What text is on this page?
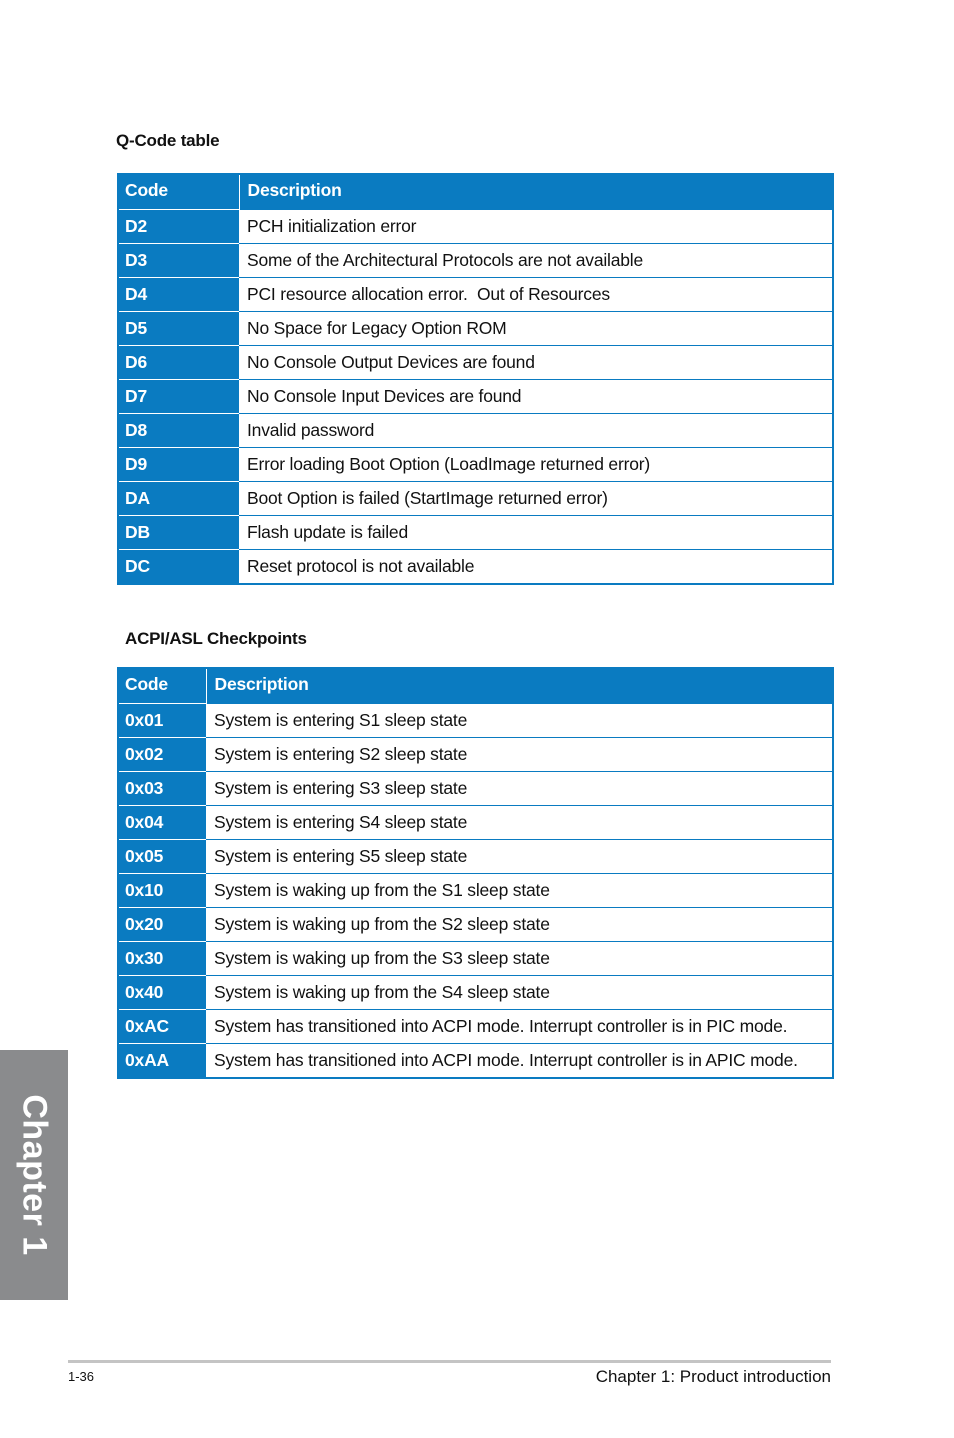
Q-Code table
Code	Description
D2	PCH initialization error
D3	Some of the Architectural Protocols are not available
D4	PCI resource allocation error.  Out of Resources
D5	No Space for Legacy Option ROM
D6	No Console Output Devices are found
D7	No Console Input Devices are found
D8	Invalid password
D9	Error loading Boot Option (LoadImage returned error)
DA	Boot Option is failed (StartImage returned error)
DB	Flash update is failed
DC	Reset protocol is not available
ACPI/ASL Checkpoints
Code	Description
0x01	System is entering S1 sleep state
0x02	System is entering S2 sleep state
0x03	System is entering S3 sleep state
0x04	System is entering S4 sleep state
0x05	System is entering S5 sleep state
0x10	System is waking up from the S1 sleep state
0x20	System is waking up from the S2 sleep state
0x30	System is waking up from the S3 sleep state
0x40	System is waking up from the S4 sleep state
0xAC	System has transitioned into ACPI mode. Interrupt controller is in PIC mode.
0xAA	System has transitioned into ACPI mode. Interrupt controller is in APIC mode.
Chapter 1
1-36	Chapter 1: Product introduction
